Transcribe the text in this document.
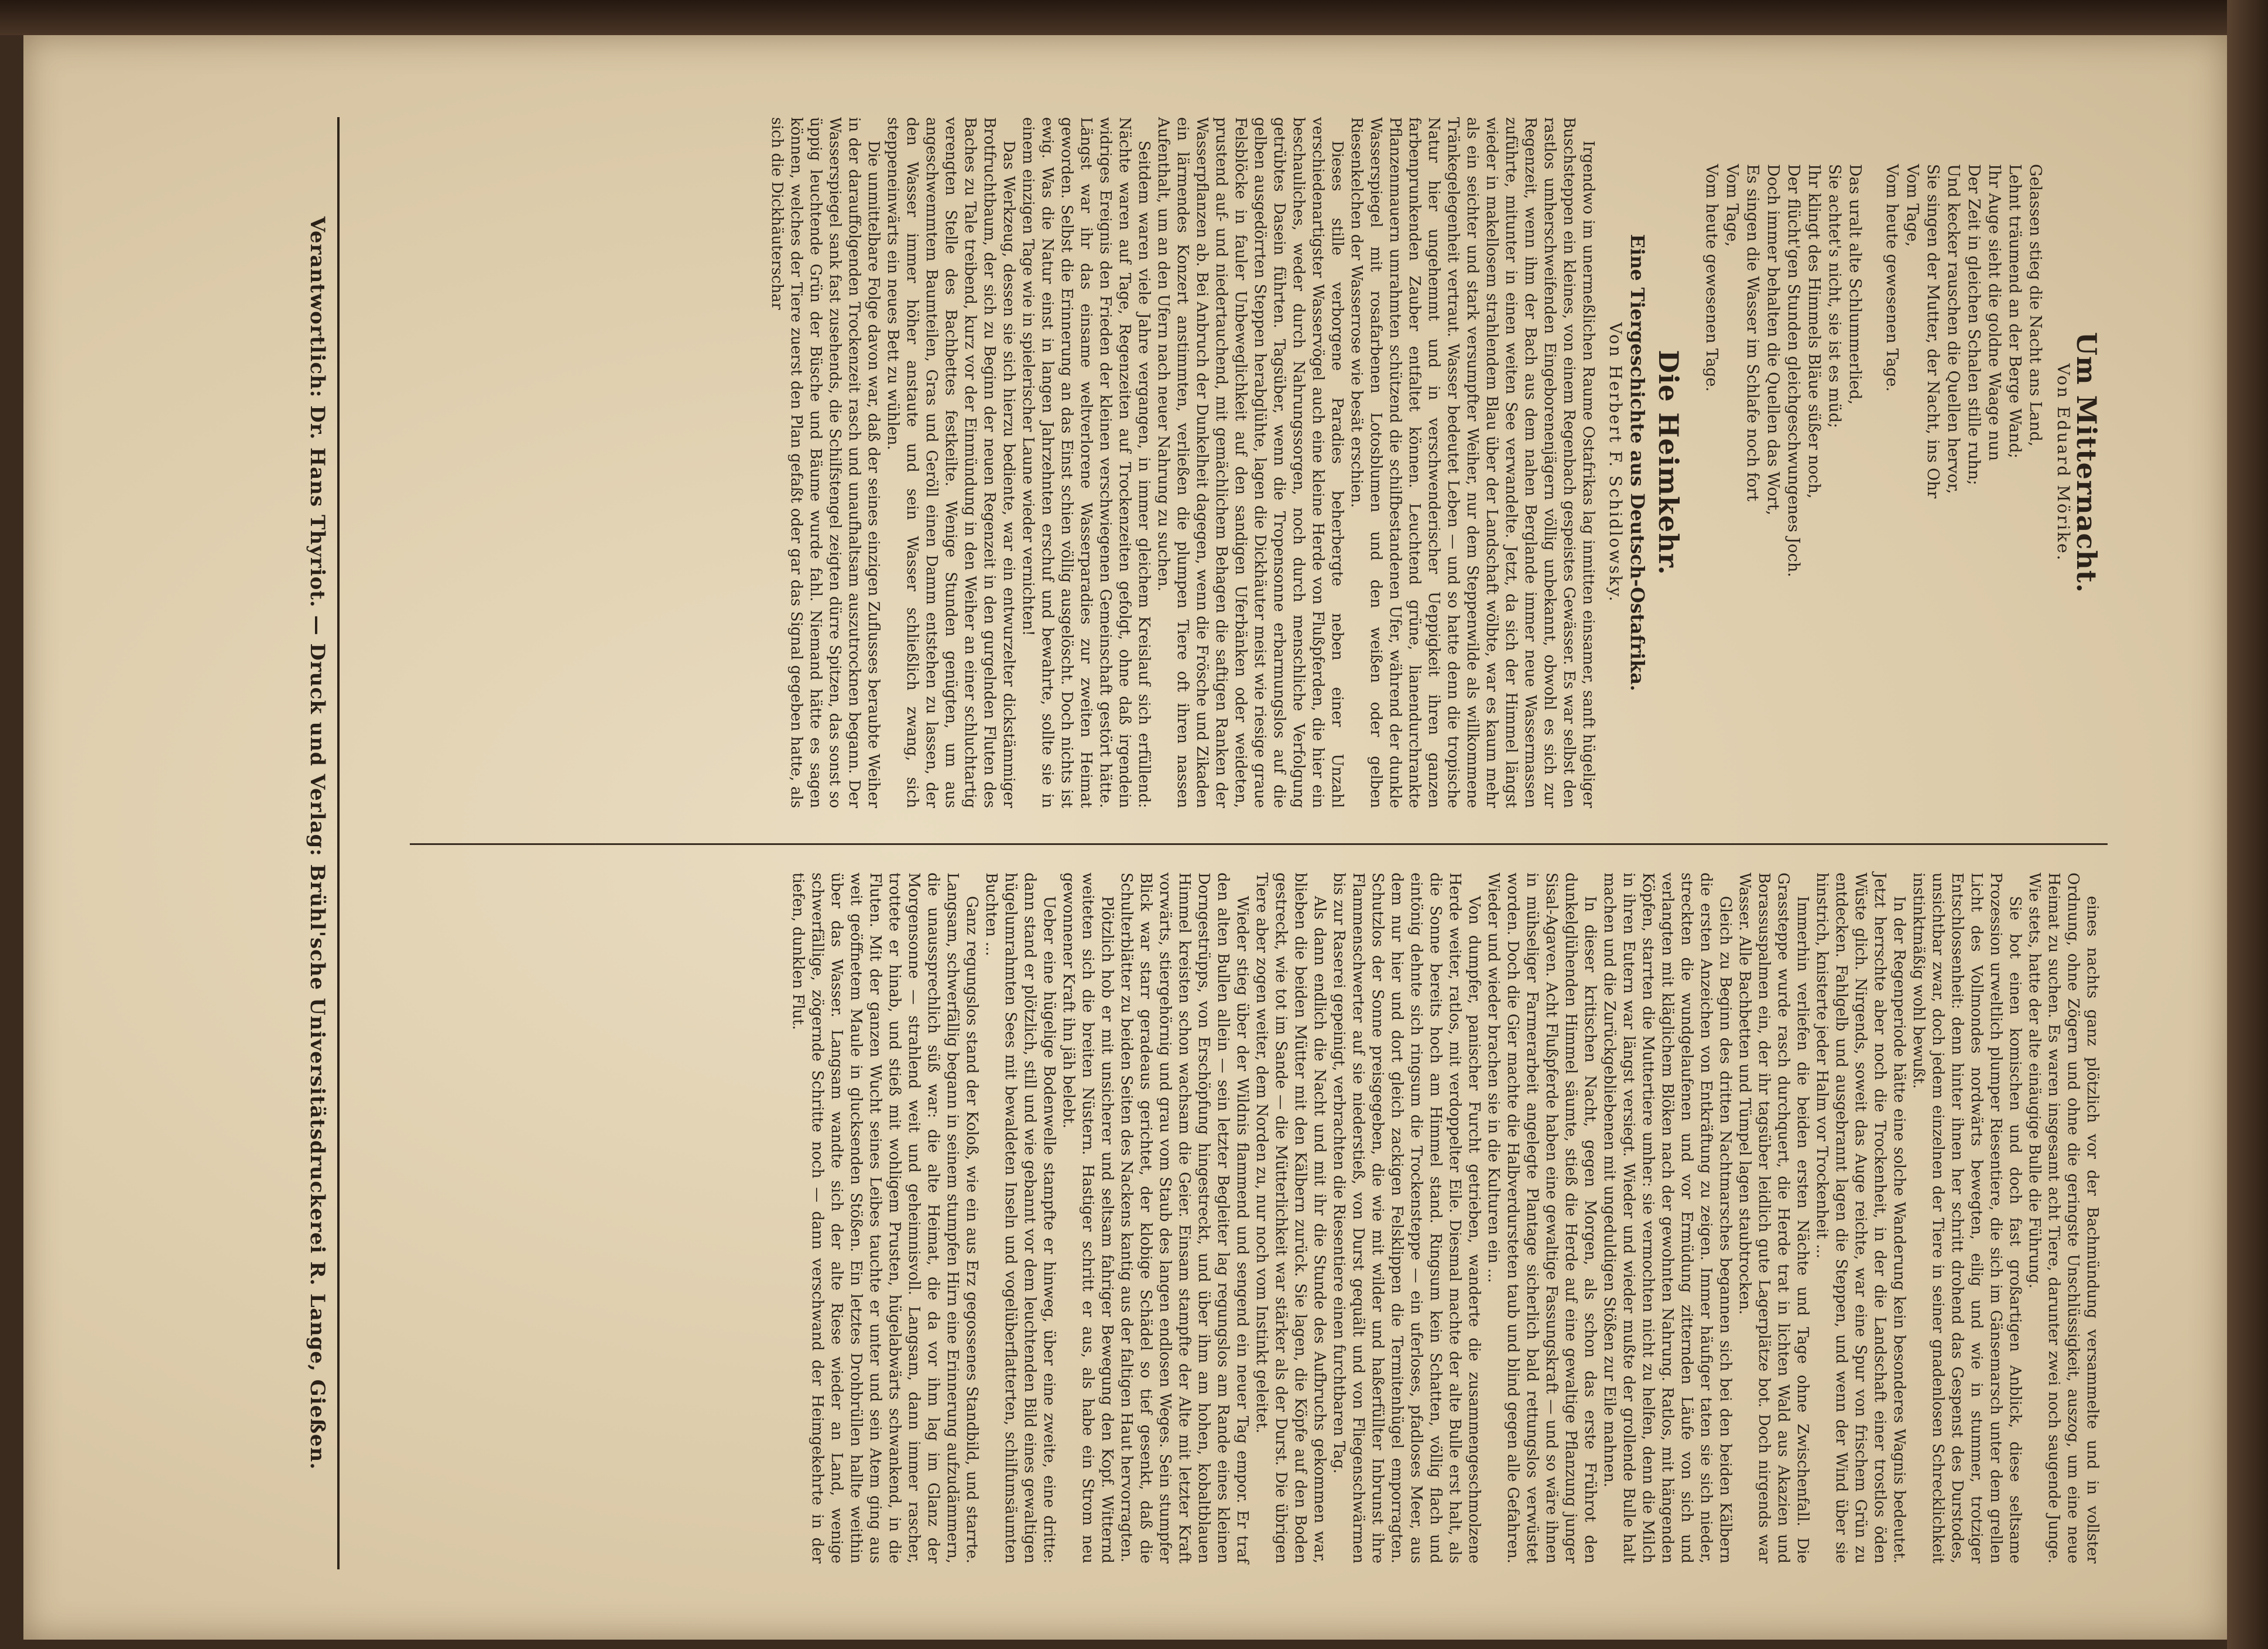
Um Mitternacht.
Von Eduard Mörike.
Gelassen stieg die Nacht ans Land,
Lehnt träumend an der Berge Wand;
Ihr Auge sieht die goldne Waage nun
Der Zeit in gleichen Schalen stille ruhn;
Und kecker rauschen die Quellen hervor,
Sie singen der Mutter, der Nacht, ins Ohr
Vom Tage,
Vom heute gewesenen Tage.
Das uralt alte Schlummerlied,
Sie achtet's nicht, sie ist es müd;
Ihr klingt des Himmels Bläue süßer noch,
Der flücht'gen Stunden gleichgeschwungenes Joch.
Doch immer behalten die Quellen das Wort,
Es singen die Wasser im Schlafe noch fort
Vom Tage,
Vom heute gewesenen Tage.
Die Heimkehr.
Eine Tiergeschichte aus Deutsch-Ostafrika.
Von Herbert F. Schidlowsky.

Irgendwo im unermeßlichen Raume Ostafrikas lag inmitten einsamer, sanft hügeliger Buschsteppen ein kleines, von einem Regenbach gespeistes Gewässer. Es war selbst den rastlos umherschweifenden Eingeborenenjägern völlig unbekannt, obwohl es sich zur Regenzeit, wenn ihm der Bach aus dem nahen Berglande immer neue Wassermassen zuführte, mitunter in einen weiten See verwandelte. Jetzt, da sich der Himmel längst wieder in makellosem strahlendem Blau über der Landschaft wölbte, war es kaum mehr als ein seichter und stark versumpfter Weiher, nur dem Steppenwilde als willkommene Tränkegelegenheit vertraut. Wasser bedeutet Leben — und so hatte denn die tropische Natur hier ungehemmt und in verschwenderischer Ueppigkeit ihren ganzen farbenprunkenden Zauber entfaltet können. Leuchtend grüne, lianendurchrankte Pflanzenmauern umrahmten schützend die schilfbestandenen Ufer, während der dunkle Wasserspiegel mit rosafarbenen Lotosblumen und den weißen oder gelben Riesenkelchen der Wasserrose wie besät erschien.

Dieses stille verborgene Paradies beherbergte neben einer Unzahl verschiedenartigster Wasservögel auch eine kleine Herde von Flußpferden, die hier ein beschauliches, weder durch Nahrungssorgen, noch durch menschliche Verfolgung getrübtes Dasein führten. Tagsüber, wenn die Tropensonne erbarmungslos auf die gelben ausgedörrten Steppen herabglühte, lagen die Dickhäuter meist wie riesige graue Felsblöcke in fauler Unbeweglichkeit auf den sandigen Uferbänken oder weideten, prustend auf- und niedertauchend, mit gemächlichem Behagen die saftigen Ranken der Wasserpflanzen ab. Bei Anbruch der Dunkelheit dagegen, wenn die Frösche und Zikaden ein lärmendes Konzert anstimmten, verließen die plumpen Tiere oft ihren nassen Aufenthalt, um an den Ufern nach neuer Nahrung zu suchen.

Seitdem waren viele Jahre vergangen, in immer gleichem Kreislauf sich erfüllend: Nächte waren auf Tage, Regenzeiten auf Trockenzeiten gefolgt, ohne daß irgendein widriges Ereignis den Frieden der kleinen verschwiegenen Gemeinschaft gestört hätte. Längst war ihr das einsame weltverlorene Wasserparadies zur zweiten Heimat geworden. Selbst die Erinnerung an das Einst schien völlig ausgelöscht. Doch nichts ist ewig. Was die Natur einst in langen Jahrzehnten erschuf und bewahrte, sollte sie in einem einzigen Tage wie in spielerischer Laune wieder vernichten!

Das Werkzeug, dessen sie sich hierzu bediente, war ein entwurzelter dickstämmiger Brotfruchtbaum, der sich zu Beginn der neuen Regenzeit in den gurgelnden Fluten des Baches zu Tale treibend, kurz vor der Einmündung in den Weiher an einer schluchtartig verengten Stelle des Bachbettes festkeilte. Wenige Stunden genügten, um aus angeschwemmtem Baumteilen, Gras und Geröll einen Damm entstehen zu lassen, der den Wasser immer höher anstaute und sein Wasser schließlich zwang, sich steppeneinwärts ein neues Bett zu wühlen.

Die unmittelbare Folge davon war, daß der seines einzigen Zuflusses beraubte Weiher in der darauffolgenden Trockenzeit rasch und unaufhaltsam auszutrocknen begann. Der Wasserspiegel sank fast zusehends, die Schilfstengel zeigten dürre Spitzen, das sonst so üppig leuchtende Grün der Büsche und Bäume wurde fahl. Niemand hätte es sagen können, welches der Tiere zuerst den Plan gefaßt oder gar das Signal gegeben hatte, als sich die Dickhäuterschar

eines nachts ganz plötzlich vor der Bachmündung versammelte und in vollster Ordnung, ohne Zögern und ohne die geringste Unschlüssigkeit, auszog, um eine neue Heimat zu suchen. Es waren insgesamt acht Tiere, darunter zwei noch saugende Junge. Wie stets, hatte der alte einäugige Bulle die Führung.

Sie bot einen komischen und doch fast großartigen Anblick, diese seltsame Prozession urweltlich plumper Riesentiere, die sich im Gänsemarsch unter dem grellen Licht des Vollmondes nordwärts bewegten, eilig und wie in stummer, trotziger Entschlossenheit: denn hinter ihnen her schritt drohend das Gespenst des Durstodes, unsichtbar zwar, doch jedem einzelnen der Tiere in seiner gnadenlosen Schrecklichkeit instinktmäßig wohl bewußt.

In der Regenperiode hätte eine solche Wanderung kein besonderes Wagnis bedeutet. Jetzt herrschte aber noch die Trockenheit, in der die Landschaft einer trostlos öden Wüste glich. Nirgends, soweit das Auge reichte, war eine Spur von frischem Grün zu entdecken. Fahlgelb und ausgebrannt lagen die Steppen, und wenn der Wind über sie hinstrich, knisterte jeder Halm vor Trockenheit ...

Immerhin verliefen die beiden ersten Nächte und Tage ohne Zwischenfall. Die Grassteppe wurde rasch durchquert, die Herde trat in lichten Wald aus Akazien und Borassuspalmen ein, der ihr tagsüber leidlich gute Lagerplätze bot. Doch nirgends war Wasser. Alle Bachbetten und Tümpel lagen staubtrocken.

Gleich zu Beginn des dritten Nachtmarsches begannen sich bei den beiden Kälbern die ersten Anzeichen von Entkräftung zu zeigen. Immer häufiger taten sie sich nieder, streckten die wundgelaufenen und vor Ermüdung zitternden Läufe von sich und verlangten mit kläglichem Blöken nach der gewohnten Nahrung. Ratlos, mit hängenden Köpfen, starrten die Muttertiere umher: sie vermochten nicht zu helfen, denn die Milch in ihren Eutern war längst versiegt. Wieder und wieder mußte der grollende Bulle halt machen und die Zurückgebliebenen mit ungeduldigen Stößen zur Eile mahnen.

In dieser kritischen Nacht, gegen Morgen, als schon das erste Frührot den dunkelglühenden Himmel säumte, stieß die Herde auf eine gewaltige Pflanzung junger Sisal-Agaven. Acht Flußpferde haben eine gewaltige Fassungskraft — und so wäre ihnen in mühseliger Farmerarbeit angelegte Plantage sicherlich bald rettungslos verwüstet worden. Doch die Gier machte die Halbverdursteten taub und blind gegen alle Gefahren. Wieder und wieder brachen sie in die Kulturen ein ...

Von dumpfer, panischer Furcht getrieben, wanderte die zusammengeschmolzene Herde weiter, ratlos, mit verdoppelter Eile. Diesmal machte der alte Bulle erst halt, als die Sonne bereits hoch am Himmel stand. Ringsum kein Schatten, völlig flach und eintönig dehnte sich ringsum die Trockensteppe — ein uferloses, pfadloses Meer, aus dem nur hier und dort gleich zackigen Felsklippen die Termitenhügel emporragten. Schutzlos der Sonne preisgegeben, die wie mit wilder und haßerfüllter Inbrunst ihre Flammenschwerter auf sie niederstieß, von Durst gequält und von Fliegenschwärmen bis zur Raserei gepeinigt, verbrachten die Riesentiere einen furchtbaren Tag.

Als dann endlich die Nacht und mit ihr die Stunde des Aufbruchs gekommen war, blieben die beiden Mütter mit den Kälbern zurück. Sie lagen, die Köpfe auf den Boden gestreckt, wie tot im Sande — die Mütterlichkeit war stärker als der Durst. Die übrigen Tiere aber zogen weiter, dem Norden zu, nur noch vom Instinkt geleitet.

Wieder stieg über der Wildnis flammend und sengend ein neuer Tag empor. Er traf den alten Bullen allein — sein letzter Begleiter lag regungslos am Rande eines kleinen Dorngestrüpps, von Erschöpfung hingestreckt, und über ihm am hohen, kobaltblauen Himmel kreisten schon wachsam die Geier. Einsam stampfte der Alte mit letzter Kraft vorwärts, stiergehörnig und grau vom Staub des langen endlosen Weges. Sein stumpfer Blick war starr geradeaus gerichtet, der klobige Schädel so tief gesenkt, daß die Schulterblätter zu beiden Seiten des Nackens kantig aus der faltigen Haut hervorragten.

Plötzlich hob er mit unsicherer und seltsam fahriger Bewegung den Kopf. Witternd weiteten sich die breiten Nüstern. Hastiger schritt er aus, als habe ein Strom neu gewonnener Kraft ihn jäh belebt.

Ueber eine hügelige Bodenwelle stampfte er hinweg, über eine zweite, eine dritte: dann stand er plötzlich, still und wie gebannt vor dem leuchtenden Bild eines gewaltigen hügelumrahmten Sees mit bewaldeten Inseln und vogelüberflatterten, schilfumsäumten Buchten ...

Ganz regungslos stand der Koloß, wie ein aus Erz gegossenes Standbild, und starrte. Langsam, schwerfällig begann in seinem stumpfen Hirn eine Erinnerung aufzudämmern, die unaussprechlich süß war: die alte Heimat, die da vor ihm lag im Glanz der Morgensonne — strahlend weit und geheimnisvoll. Langsam, dann immer rascher, trottete er hinab, und stieß mit wohligem Prusten, hügelabwärts schwankend, in die Fluten. Mit der ganzen Wucht seines Leibes tauchte er unter und sein Atem ging aus weit geöffnetem Maule in glucksenden Stößen. Ein letztes Drohbrüllen hallte weithin über das Wasser. Langsam wandte sich der alte Riese wieder an Land, wenige schwerfällige, zögernde Schritte noch — dann verschwand der Heimgekehrte in der tiefen, dunklen Flut.

Verantwortlich: Dr. Hans Thyriot. — Druck und Verlag: Brühl'sche Universitätsdruckerei R. Lange, Gießen.
